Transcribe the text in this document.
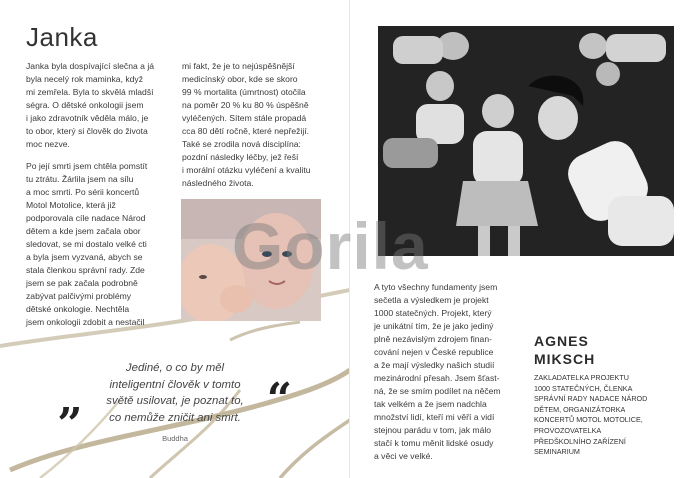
Janka

Janka byla dospívající slečna a já
byla necelý rok maminka, když
mi zemřela. Byla to skvělá mladší
ségra. O dětské onkologii jsem
i jako zdravotník věděla málo, je
to obor, který si člověk do života
moc nezve.

Po její smrti jsem chtěla pomstít
tu ztrátu. Žárlila jsem na sílu
a moc smrti. Po sérii koncertů
Motol Motolice, která již
podporovala cíle nadace Národ
dětem a kde jsem začala obor
sledovat, se mi dostalo velké cti
a byla jsem vyzvaná, abych se
stala členkou správní rady. Zde
jsem se pak začala podrobně
zabývat palčivými problémy
dětské onkologie. Nechtěla
jsem onkologii zdobit a nestačil

mi fakt, že je to nejúspěšnější
medicínský obor, kde se skoro
99 % mortalita (úmrtnost) otočila
na poměr 20 % ku 80 % úspěšně
vyléčených. Sítem stále propadá
cca 80 dětí ročně, které nepřežijí.
Také se zrodila nová disciplína:
pozdní následky léčby, jež řeší
i morální otázku vyléčení a kvalitu
následného života.

„	“
Jediné, o co by měl
inteligentní člověk v tomto
světě usilovat, je poznat to,
co nemůže zničit ani smrt.
Buddha

A tyto všechny fundamenty jsem
sečetla a výsledkem je projekt
1000 statečných. Projekt, který
je unikátní tím, že je jako jediný
plně nezávislým zdrojem finan-
cování nejen v České republice
a že mají výsledky našich studií
mezinárodní přesah. Jsem šťast-
ná, že se smím podílet na něčem
tak velkém a že jsem nadchla
množství lidí, kteří mi věří a vidí
stejnou parádu v tom, jak málo
stačí k tomu měnit lidské osudy
a věci ve velké.

AGNES
MIKSCH
ZAKLADATELKA PROJEKTU
1000 STATEČNÝCH, ČLENKA
SPRÁVNÍ RADY NADACE NÁROD
DĚTEM, ORGANIZÁTORKA
KONCERTŮ MOTOL MOTOLICE,
PROVOZOVATELKA
PŘEDŠKOLNÍHO ZAŘÍZENÍ
SEMINARIUM
Gorila
